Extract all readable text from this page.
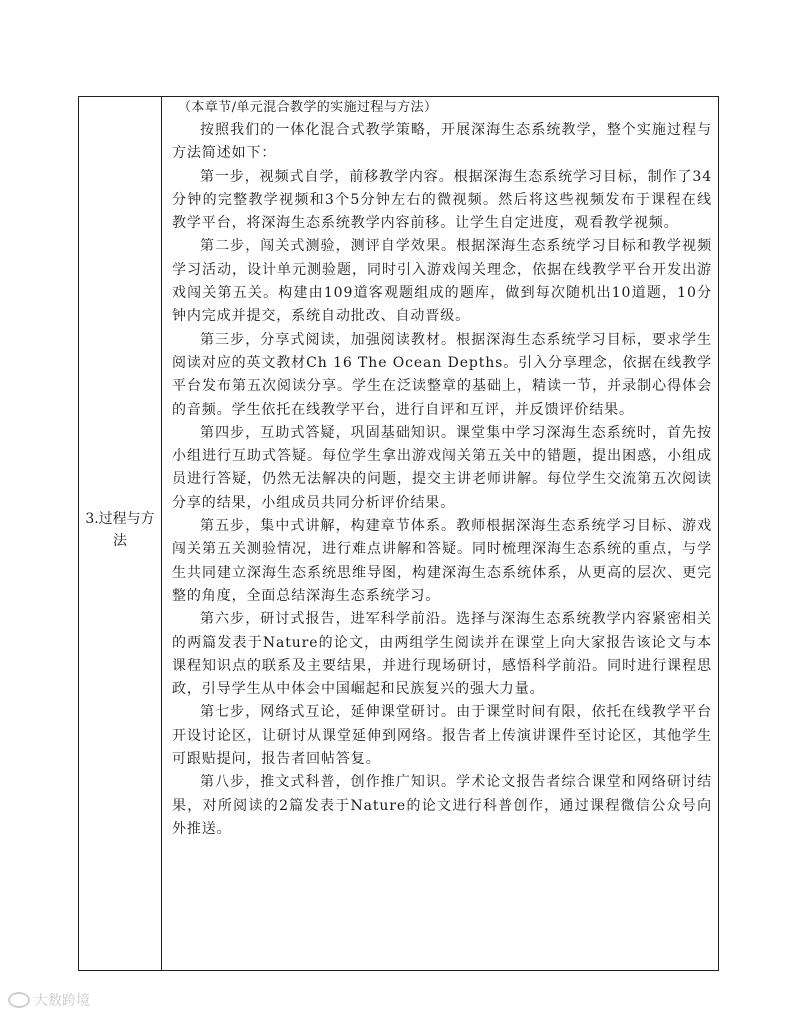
3.过程与方法
（本章节/单元混合教学的实施过程与方法）

按照我们的一体化混合式教学策略，开展深海生态系统教学，整个实施过程与方法简述如下：

第一步，视频式自学，前移教学内容。根据深海生态系统学习目标，制作了34分钟的完整教学视频和3个5分钟左右的微视频。然后将这些视频发布于课程在线教学平台，将深海生态系统教学内容前移。让学生自定进度，观看教学视频。

第二步，闯关式测验，测评自学效果。根据深海生态系统学习目标和教学视频学习活动，设计单元测验题，同时引入游戏闯关理念，依据在线教学平台开发出游戏闯关第五关。构建由109道客观题组成的题库，做到每次随机出10道题，10分钟内完成并提交，系统自动批改、自动晋级。

第三步，分享式阅读，加强阅读教材。根据深海生态系统学习目标，要求学生阅读对应的英文教材Ch 16 The Ocean Depths。引入分享理念，依据在线教学平台发布第五次阅读分享。学生在泛读整章的基础上，精读一节，并录制心得体会的音频。学生依托在线教学平台，进行自评和互评，并反馈评价结果。

第四步，互助式答疑，巩固基础知识。课堂集中学习深海生态系统时，首先按小组进行互助式答疑。每位学生拿出游戏闯关第五关中的错题，提出困惑，小组成员进行答疑，仍然无法解决的问题，提交主讲老师讲解。每位学生交流第五次阅读分享的结果，小组成员共同分析评价结果。

第五步，集中式讲解，构建章节体系。教师根据深海生态系统学习目标、游戏闯关第五关测验情况，进行难点讲解和答疑。同时梳理深海生态系统的重点，与学生共同建立深海生态系统思维导图，构建深海生态系统体系，从更高的层次、更完整的角度，全面总结深海生态系统学习。

第六步，研讨式报告，进军科学前沿。选择与深海生态系统教学内容紧密相关的两篇发表于Nature的论文，由两组学生阅读并在课堂上向大家报告该论文与本课程知识点的联系及主要结果，并进行现场研讨，感悟科学前沿。同时进行课程思政，引导学生从中体会中国崛起和民族复兴的强大力量。

第七步，网络式互论，延伸课堂研讨。由于课堂时间有限，依托在线教学平台开设讨论区，让研讨从课堂延伸到网络。报告者上传演讲课件至讨论区，其他学生可跟贴提问，报告者回帖答复。

第八步，推文式科普，创作推广知识。学术论文报告者综合课堂和网络研讨结果，对所阅读的2篇发表于Nature的论文进行科普创作，通过课程微信公众号向外推送。

大数跨境
